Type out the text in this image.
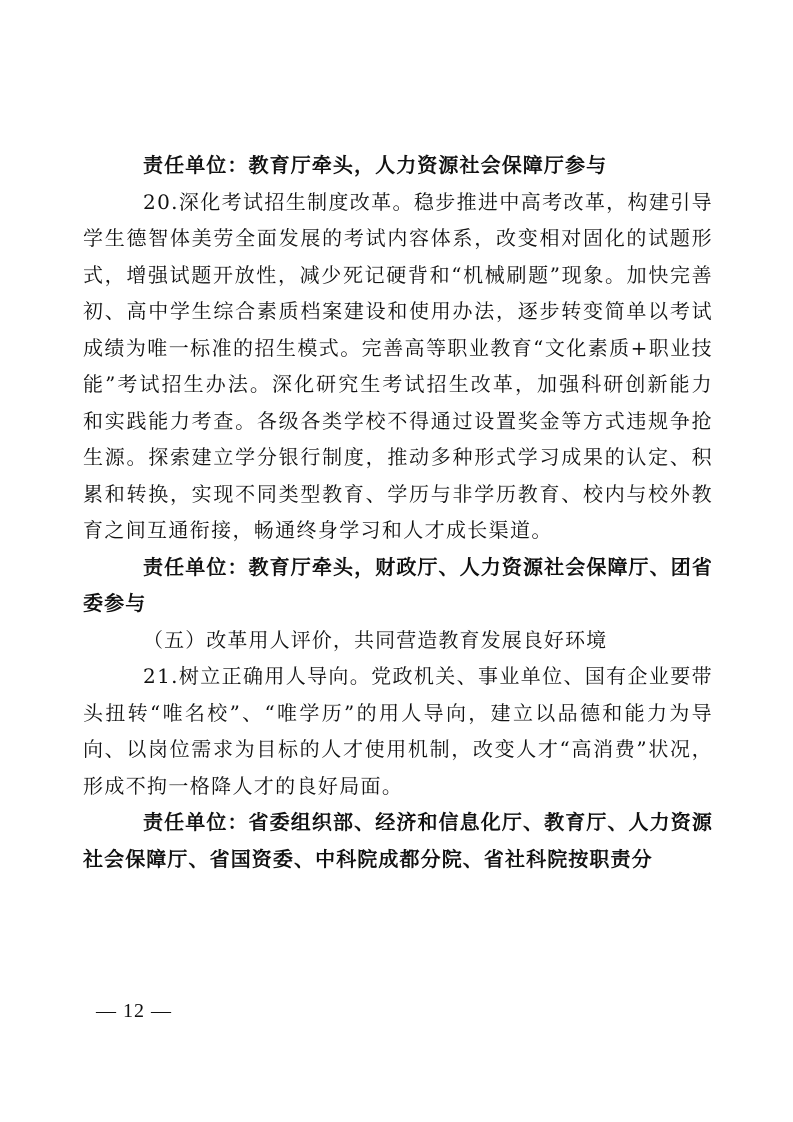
责任单位：教育厅牵头，人力资源社会保障厅参与

20.深化考试招生制度改革。稳步推进中高考改革，构建引导学生德智体美劳全面发展的考试内容体系，改变相对固化的试题形式，增强试题开放性，减少死记硬背和“机械刷题”现象。加快完善初、高中学生综合素质档案建设和使用办法，逐步转变简单以考试成绩为唯一标准的招生模式。完善高等职业教育“文化素质+职业技能”考试招生办法。深化研究生考试招生改革，加强科研创新能力和实践能力考查。各级各类学校不得通过设置奖金等方式违规争抢生源。探索建立学分银行制度，推动多种形式学习成果的认定、积累和转换，实现不同类型教育、学历与非学历教育、校内与校外教育之间互通衔接，畅通终身学习和人才成长渠道。

责任单位：教育厅牵头，财政厅、人力资源社会保障厅、团省委参与

（五）改革用人评价，共同营造教育发展良好环境

21.树立正确用人导向。党政机关、事业单位、国有企业要带头扭转“唯名校”、“唯学历”的用人导向，建立以品德和能力为导向、以岗位需求为目标的人才使用机制，改变人才“高消费”状况，形成不拘一格降人才的良好局面。

责任单位：省委组织部、经济和信息化厅、教育厅、人力资源社会保障厅、省国资委、中科院成都分院、省社科院按职责分

— 12 —
